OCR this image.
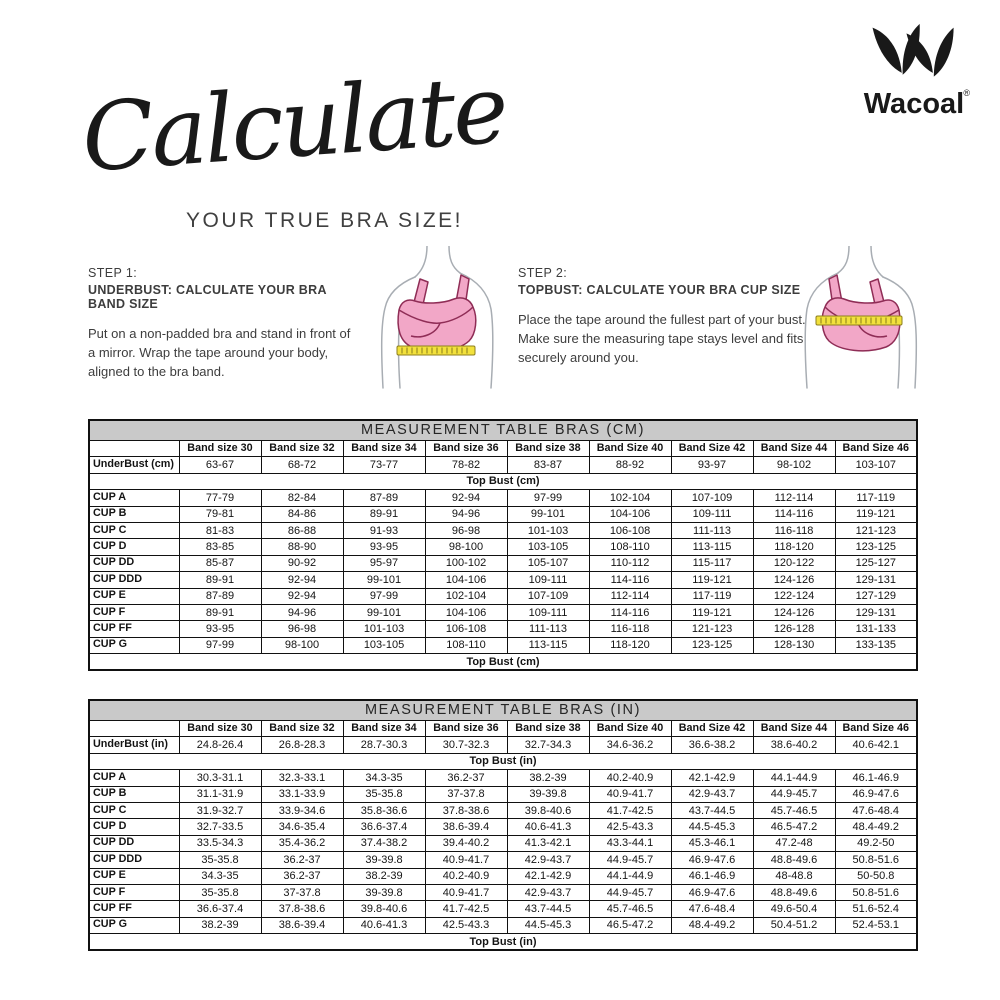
®
Wacoal
Calculate
YOUR TRUE BRA SIZE!
STEP 1:
UNDERBUST: CALCULATE YOUR BRA BAND SIZE

Put on a non-padded bra and stand in front of a mirror. Wrap the tape around your body, aligned to the bra band.

STEP 2:
TOPBUST: CALCULATE YOUR BRA CUP SIZE

Place the tape around the fullest part of your bust. Make sure the measuring tape stays level and fits securely around you.

MEASUREMENT TABLE BRAS (CM)									
	Band size 30	Band size 32	Band size 34	Band size 36	Band size 38	Band Size 40	Band Size 42	Band Size 44	Band Size 46
UnderBust (cm)	63-67	68-72	73-77	78-82	83-87	88-92	93-97	98-102	103-107
Top Bust (cm)									
CUP A	77-79	82-84	87-89	92-94	97-99	102-104	107-109	112-114	117-119
CUP B	79-81	84-86	89-91	94-96	99-101	104-106	109-111	114-116	119-121
CUP C	81-83	86-88	91-93	96-98	101-103	106-108	111-113	116-118	121-123
CUP D	83-85	88-90	93-95	98-100	103-105	108-110	113-115	118-120	123-125
CUP DD	85-87	90-92	95-97	100-102	105-107	110-112	115-117	120-122	125-127
CUP DDD	89-91	92-94	99-101	104-106	109-111	114-116	119-121	124-126	129-131
CUP E	87-89	92-94	97-99	102-104	107-109	112-114	117-119	122-124	127-129
CUP F	89-91	94-96	99-101	104-106	109-111	114-116	119-121	124-126	129-131
CUP FF	93-95	96-98	101-103	106-108	111-113	116-118	121-123	126-128	131-133
CUP G	97-99	98-100	103-105	108-110	113-115	118-120	123-125	128-130	133-135
Top Bust (cm)									
MEASUREMENT TABLE BRAS (IN)									
	Band size 30	Band size 32	Band size 34	Band size 36	Band size 38	Band Size 40	Band Size 42	Band Size 44	Band Size 46
UnderBust (in)	24.8-26.4	26.8-28.3	28.7-30.3	30.7-32.3	32.7-34.3	34.6-36.2	36.6-38.2	38.6-40.2	40.6-42.1
Top Bust (in)									
CUP A	30.3-31.1	32.3-33.1	34.3-35	36.2-37	38.2-39	40.2-40.9	42.1-42.9	44.1-44.9	46.1-46.9
CUP B	31.1-31.9	33.1-33.9	35-35.8	37-37.8	39-39.8	40.9-41.7	42.9-43.7	44.9-45.7	46.9-47.6
CUP C	31.9-32.7	33.9-34.6	35.8-36.6	37.8-38.6	39.8-40.6	41.7-42.5	43.7-44.5	45.7-46.5	47.6-48.4
CUP D	32.7-33.5	34.6-35.4	36.6-37.4	38.6-39.4	40.6-41.3	42.5-43.3	44.5-45.3	46.5-47.2	48.4-49.2
CUP DD	33.5-34.3	35.4-36.2	37.4-38.2	39.4-40.2	41.3-42.1	43.3-44.1	45.3-46.1	47.2-48	49.2-50
CUP DDD	35-35.8	36.2-37	39-39.8	40.9-41.7	42.9-43.7	44.9-45.7	46.9-47.6	48.8-49.6	50.8-51.6
CUP E	34.3-35	36.2-37	38.2-39	40.2-40.9	42.1-42.9	44.1-44.9	46.1-46.9	48-48.8	50-50.8
CUP F	35-35.8	37-37.8	39-39.8	40.9-41.7	42.9-43.7	44.9-45.7	46.9-47.6	48.8-49.6	50.8-51.6
CUP FF	36.6-37.4	37.8-38.6	39.8-40.6	41.7-42.5	43.7-44.5	45.7-46.5	47.6-48.4	49.6-50.4	51.6-52.4
CUP G	38.2-39	38.6-39.4	40.6-41.3	42.5-43.3	44.5-45.3	46.5-47.2	48.4-49.2	50.4-51.2	52.4-53.1
Top Bust (in)									
